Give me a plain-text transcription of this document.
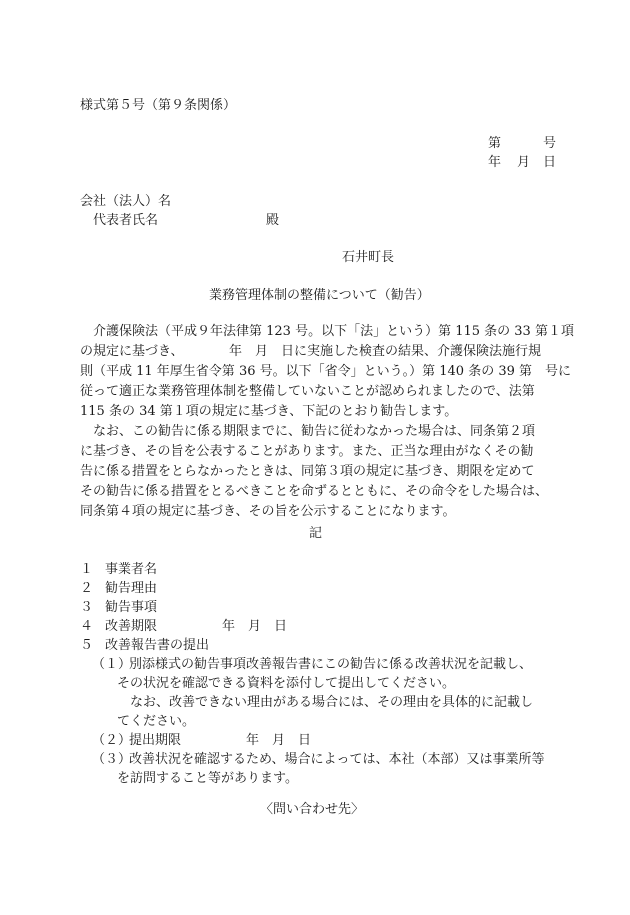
様式第５号（第９条関係）
第	号
年 月 日
会社（法人）名
代表者氏名	殿
石井町長
業務管理体制の整備について（勧告）
　介護保険法（平成９年法律第 123 号。以下「法」という）第 115 条の 33 第１項
の規定に基づき、　　　　年　月　日に実施した検査の結果、介護保険法施行規
則（平成 11 年厚生省令第 36 号。以下「省令」という。）第 140 条の 39 第　号に
従って適正な業務管理体制を整備していないことが認められましたので、法第
115 条の 34 第１項の規定に基づき、下記のとおり勧告します。
　なお、この勧告に係る期限までに、勧告に従わなかった場合は、同条第２項
に基づき、その旨を公表することがあります。また、正当な理由がなくその勧
告に係る措置をとらなかったときは、同第３項の規定に基づき、期限を定めて
その勧告に係る措置をとるべきことを命ずるとともに、その命令をした場合は、
同条第４項の規定に基づき、その旨を公示することになります。
記
１ 事業者名
２ 勧告理由
３ 勧告事項
４ 改善期限　　　　　年　月　日
５ 改善報告書の提出
（１）
別添様式の勧告事項改善報告書にこの勧告に係る改善状況を記載し、
その状況を確認できる資料を添付して提出してください。
　なお、改善できない理由がある場合には、その理由を具体的に記載し
てください。
（２）
提出期限　　　　　年　月　日
（３）
改善状況を確認するため、場合によっては、本社（本部）又は事業所等
を訪問すること等があります。
〈問い合わせ先〉
